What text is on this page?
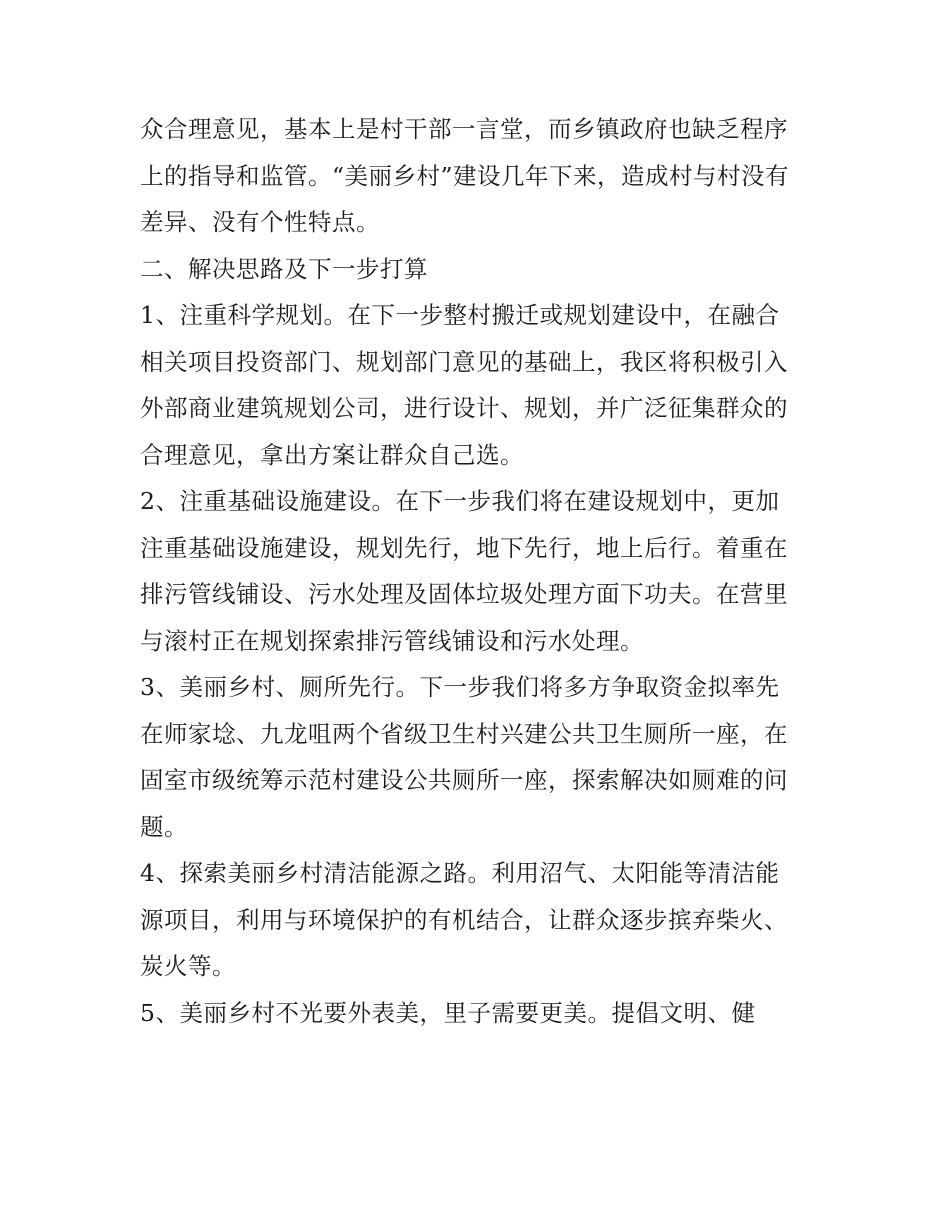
众合理意见，基本上是村干部一言堂，而乡镇政府也缺乏程序
上的指导和监管。“美丽乡村”建设几年下来，造成村与村没有
差异、没有个性特点。
二、解决思路及下一步打算
1、注重科学规划。在下一步整村搬迁或规划建设中，在融合
相关项目投资部门、规划部门意见的基础上，我区将积极引入
外部商业建筑规划公司，进行设计、规划，并广泛征集群众的
合理意见，拿出方案让群众自己选。
2、注重基础设施建设。在下一步我们将在建设规划中，更加
注重基础设施建设，规划先行，地下先行，地上后行。着重在
排污管线铺设、污水处理及固体垃圾处理方面下功夫。在营里
与滚村正在规划探索排污管线铺设和污水处理。
3、美丽乡村、厕所先行。下一步我们将多方争取资金拟率先
在师家埝、九龙咀两个省级卫生村兴建公共卫生厕所一座，在
固室市级统筹示范村建设公共厕所一座，探索解决如厕难的问
题。
4、探索美丽乡村清洁能源之路。利用沼气、太阳能等清洁能
源项目，利用与环境保护的有机结合，让群众逐步摈弃柴火、
炭火等。
5、美丽乡村不光要外表美，里子需要更美。提倡文明、健
